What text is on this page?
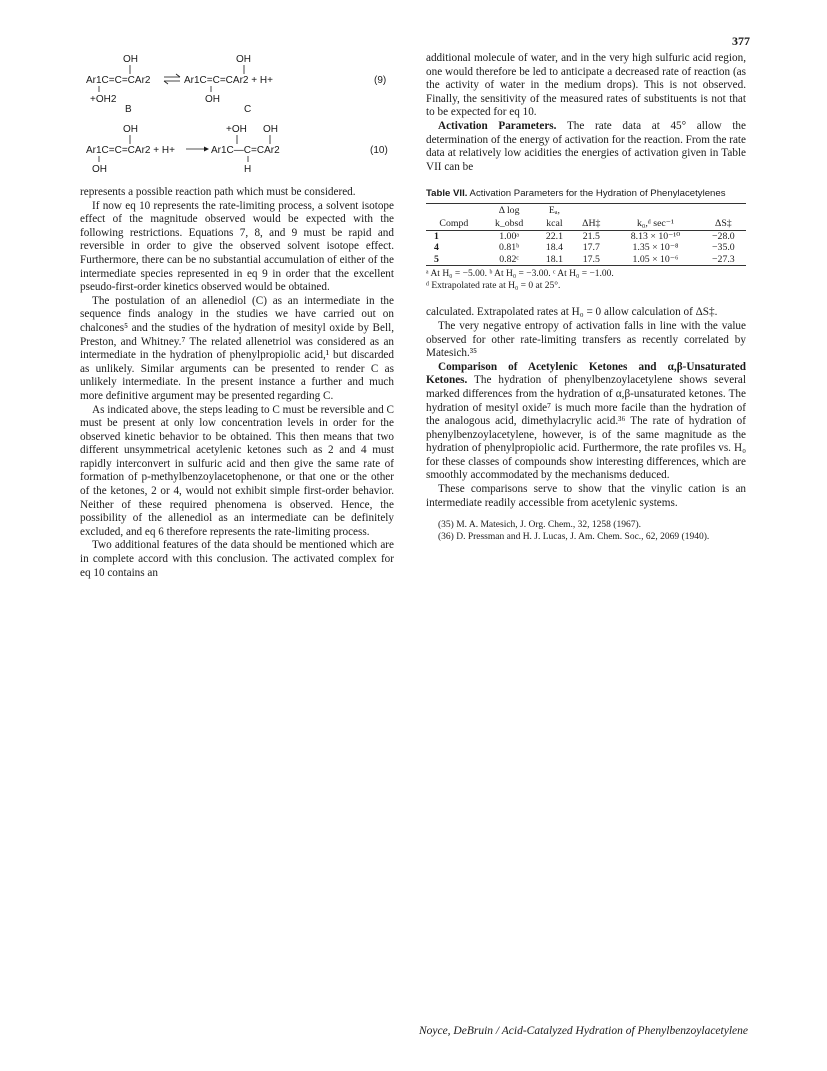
377
OH	OH
Ar1C=C=CAr2	Ar1C=C=CAr2 + H+	(9)
+OH2	OH
B	C
OH	+OH OH
Ar1C=C=CAr2 + H+	Ar1C—C=CAr2	(10)
OH	H

represents a possible reaction path which must be considered.

If now eq 10 represents the rate-limiting process, a solvent isotope effect of the magnitude observed would be expected with the following restrictions. Equations 7, 8, and 9 must be rapid and reversible in order to give the observed solvent isotope effect. Furthermore, there can be no substantial accumulation of either of the intermediate species represented in eq 9 in order that the excellent pseudo-first-order kinetics observed would be obtained.

The postulation of an allenediol (C) as an intermediate in the sequence finds analogy in the studies we have carried out on chalcones⁵ and the studies of the hydration of mesityl oxide by Bell, Preston, and Whitney.⁷ The related allenetriol was considered as an intermediate in the hydration of phenylpropiolic acid,¹ but discarded as unlikely. Similar arguments can be presented to render C as unlikely intermediate. In the present instance a further and much more definitive argument may be presented regarding C.

As indicated above, the steps leading to C must be reversible and C must be present at only low concentration levels in order for the observed kinetic behavior to be obtained. This then means that two different unsymmetrical acetylenic ketones such as 2 and 4 must rapidly interconvert in sulfuric acid and then give the same rate of formation of p-methylbenzoylacetophenone, or that one or the other of the ketones, 2 or 4, would not exhibit simple first-order behavior. Neither of these required phenomena is observed. Hence, the possibility of the allenediol as an intermediate can be definitely excluded, and eq 6 therefore represents the rate-limiting process.

Two additional features of the data should be mentioned which are in complete accord with this conclusion. The activated complex for eq 10 contains an

additional molecule of water, and in the very high sulfuric acid region, one would therefore be led to anticipate a decreased rate of reaction (as the activity of water in the medium drops). This is not observed. Finally, the sensitivity of the measured rates of substituents is not that to be expected for eq 10.

Activation Parameters. The rate data at 45° allow the determination of the energy of activation for the reaction. From the rate data at relatively low acidities the energies of activation given in Table VII can be

Table VII. Activation Parameters for the Hydration of Phenylacetylenes
	Δ log	Eₐ,			
Compd	k_obsd	kcal	ΔH‡	k₀,ᵈ sec⁻¹	ΔS‡
1	1.00ᵃ	22.1	21.5	8.13 × 10⁻¹⁰	−28.0
4	0.81ᵇ	18.4	17.7	1.35 × 10⁻⁸	−35.0
5	0.82ᶜ	18.1	17.5	1.05 × 10⁻⁶	−27.3
ᵃ At H₀ = −5.00. ᵇ At H₀ = −3.00. ᶜ At H₀ = −1.00.
ᵈ Extrapolated rate at H₀ = 0 at 25°.

calculated. Extrapolated rates at H₀ = 0 allow calculation of ΔS‡.

The very negative entropy of activation falls in line with the value observed for other rate-limiting transfers as recently correlated by Matesich.³⁵

Comparison of Acetylenic Ketones and α,β-Unsaturated Ketones. The hydration of phenylbenzoylacetylene shows several marked differences from the hydration of α,β-unsaturated ketones. The hydration of mesityl oxide⁷ is much more facile than the hydration of the analogous acid, dimethylacrylic acid.³⁶ The rate of hydration of phenylbenzoylacetylene, however, is of the same magnitude as the hydration of phenylpropiolic acid. Furthermore, the rate profiles vs. H₀ for these classes of compounds show interesting differences, which are smoothly accommodated by the mechanisms deduced.

These comparisons serve to show that the vinylic cation is an intermediate readily accessible from acetylenic systems.

(35) M. A. Matesich, J. Org. Chem., 32, 1258 (1967).
(36) D. Pressman and H. J. Lucas, J. Am. Chem. Soc., 62, 2069 (1940).
Noyce, DeBruin / Acid-Catalyzed Hydration of Phenylbenzoylacetylene
